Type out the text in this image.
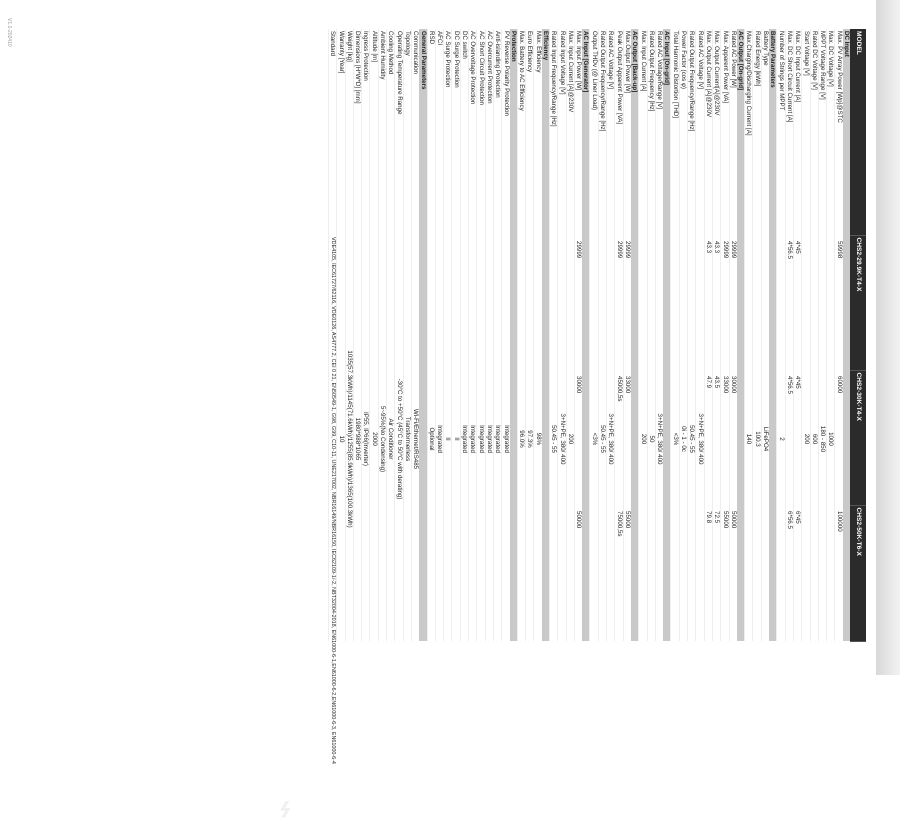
V1.1-202410	MODEL	CHS2-29.9K-T4-X	CHS2-30K-T4-X	CHS2-50K-T6-X
DC Input			
Max. PV Array Power [Wp]@STC	59998	60000	100000
Max. DC Voltage [V]	1000		
MPPT Voltage Range [V]	180 - 850		
Rated DC Voltage [V]	600		
Start Voltage [V]	200		
Max. DC Input Current [A]	4*45	4*45	6*45
Max. DC Short Circuit Current [A]	4*56.5	4*56.5	6*56.5
Number of Strings per MPPT	2		
Battery Parameters			
Battery Type	LiFePO4		
Rated Energy [kWh]	100.3		
Max.Charging/Discharging Current [A]	140		
AC Output [On-grid]			
Rated AC Power [W]	29999	30000	50000
Max. Apparent Power [VA]	29999	33000	55000
Max. Output Current[A]@230V	43.3	43.5	72.5
Max. Output Current [A]@230V	43.3	47.9	79.8
Rated AC Voltage [V]	3+N+PE, 380/ 400		
Rated Output Frequency/Range [Hz]	50.45 - 55		
Power Factor (cos φ)	0i - 1 - 0c		
Total Harmonic Distortion [THD]	<3%		
AC Input [On-grid]			
Rated AC Voltage/Range [V]	3+N+PE, 380/ 400		
Rated Output Frequency [Hz]	50		
Max. Input Current [A]	200		
AC Output [Back-up]			
Max.Output Power [W]	29999	33000	55000
Peak Output Apparent Power [VA]	29999	45000,5s	75000,5s
Rated AC Voltage [V]	3+N+PE, 380/ 400		
Rated Output Frequency/Range [Hz]	50.45 - 55		
Output THDv (@ Liner Load)	<3%		
AC Input [Generator]			
Max. Input Power [W]	29999	30000	50000
Max. Input Current [A]@230V	200		
Rated Input Voltage [V]	3+N+PE, 380/ 400		
Rated Input Frequency/Range [Hz]	50.45 - 55		
Efficiency			
Max. Efficiency	98%		
Euro Efficiency	97.3%		
Max. Battery to AC Efficiency	96.0%		
Protection			
PV Reverse Polarity Protection	Integrated		
Anti-islanding Protection	Integrated		
AC Overcurrent Protection	Integrated		
AC Short Circuit Protection	Integrated		
AC Overvoltage Protection	Integrated		
DC switch	Integrated		
DC Surge Protection	II		
AC Surge Protection	II		
AFCI	Integrated		
RSD	Optional		
General Parameters			
Communication	Wi-Fi/Ethernet/RS485		
Topology	Transformerless		
Operating Temperature Range	-30°C to +50°C (45°C to 50°C with derating)		
Cooling Method	Air Conditioner		
Ambient Humidity	5~95%(No Condensing)		
Altitude [m]	2000		
Ingress Protection	IP55, IP66(Inverter)		
Dimensions [H*W*D] [mm]	1980*988*1065		
Weight [kg]	1035(57.3kWh)/1145(71.6kWh)/1255(85.9kWh)/1365(100.3kWh)		
Warranty [Year]	10		
Standard	VDE4105, IEC61727/62116, VDE0126, AS4777.2, CEI 0 21, EN50549-1, G98, G99, C10-11, UNE217002, NBR16149/NBR16150, IEC62109-1/-2, NBT32004-2018, EN61000-6-1,EN61000-6-2,EN61000-6-3, EN61000-6-4		
⌁
